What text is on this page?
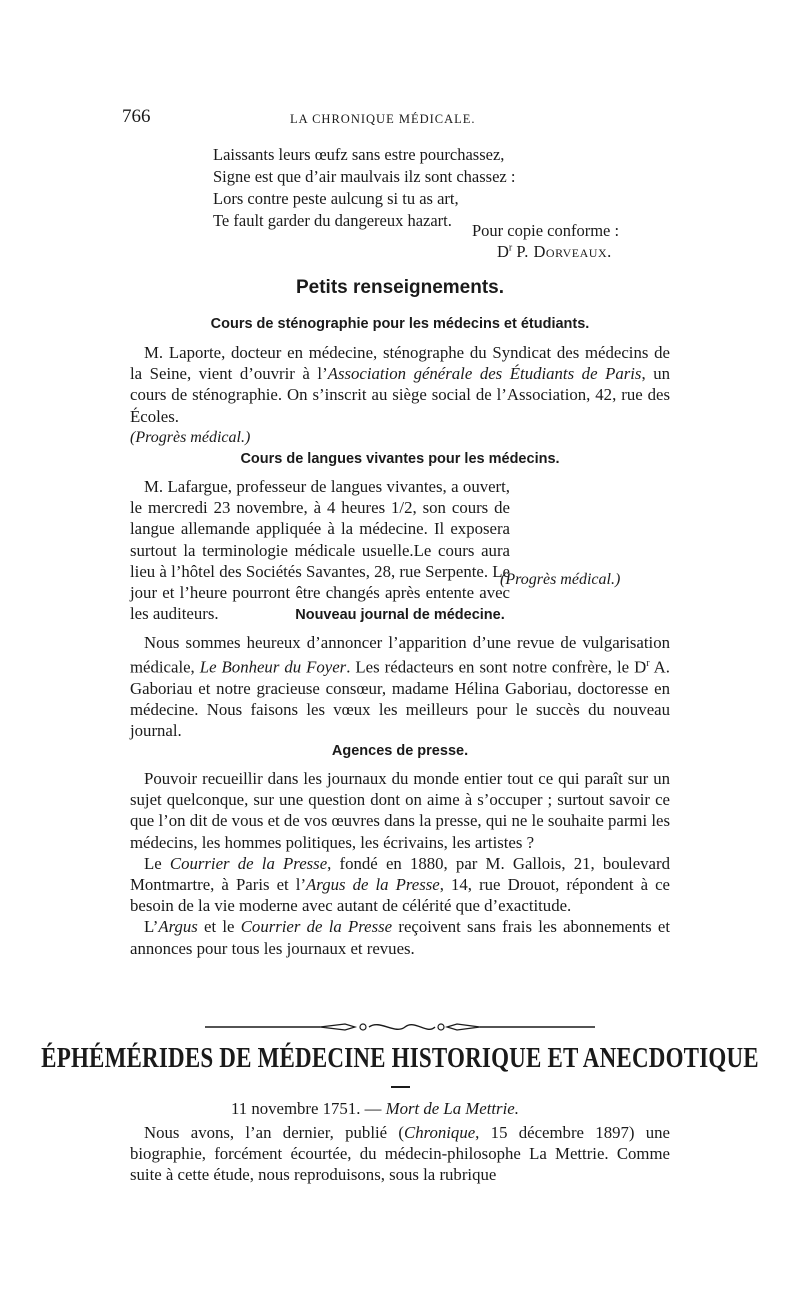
766	LA CHRONIQUE MÉDICALE.
Laissants leurs œufz sans estre pourchassez,
Signe est que d’air maulvais ilz sont chassez :
Lors contre peste aulcung si tu as art,
Te fault garder du dangereux hazart.
Pour copie conforme :
$D^r$ P. Dorveaux.
Petits renseignements.
Cours de sténographie pour les médecins et étudiants.

M. Laporte, docteur en médecine, sténographe du Syndicat des médecins de la Seine, vient d’ouvrir à l’Association générale des Étudiants de Paris, un cours de sténographie. On s’inscrit au siège social de l’Association, 42, rue des Écoles.

(Progrès médical.)

Cours de langues vivantes pour les médecins.

M. Lafargue, professeur de langues vivantes, a ouvert, le mercredi 23 novembre, à 4 heures 1/2, son cours de langue allemande appliquée à la médecine. Il exposera surtout la terminologie médicale usuelle.Le cours aura lieu à l’hôtel des Sociétés Savantes, 28, rue Serpente. Le jour et l’heure pourront être changés après entente avec les auditeurs.

(Progrès médical.)
Nouveau journal de médecine.

Nous sommes heureux d’annoncer l’apparition d’une revue de vulgarisation médicale, Le Bonheur du Foyer. Les rédacteurs en sont notre confrère, le $D^r$ A. Gaboriau et notre gracieuse consœur, madame Hélina Gaboriau, doctoresse en médecine. Nous faisons les vœux les meilleurs pour le succès du nouveau journal.

Agences de presse.

Pouvoir recueillir dans les journaux du monde entier tout ce qui paraît sur un sujet quelconque, sur une question dont on aime à s’occuper ; surtout savoir ce que l’on dit de vous et de vos œuvres dans la presse, qui ne le souhaite parmi les médecins, les hommes politiques, les écrivains, les artistes ?

Le Courrier de la Presse, fondé en 1880, par M. Gallois, 21, boulevard Montmartre, à Paris et l’Argus de la Presse, 14, rue Drouot, répondent à ce besoin de la vie moderne avec autant de célérité que d’exactitude.

L’Argus et le Courrier de la Presse reçoivent sans frais les abonnements et annonces pour tous les journaux et revues.

ÉPHÉMÉRIDES DE MÉDECINE HISTORIQUE ET ANECDOTIQUE
11 novembre 1751. — Mort de La Mettrie.

Nous avons, l’an dernier, publié (Chronique, 15 décembre 1897) une biographie, forcément écourtée, du médecin-philosophe La Mettrie. Comme suite à cette étude, nous reproduisons, sous la rubrique
